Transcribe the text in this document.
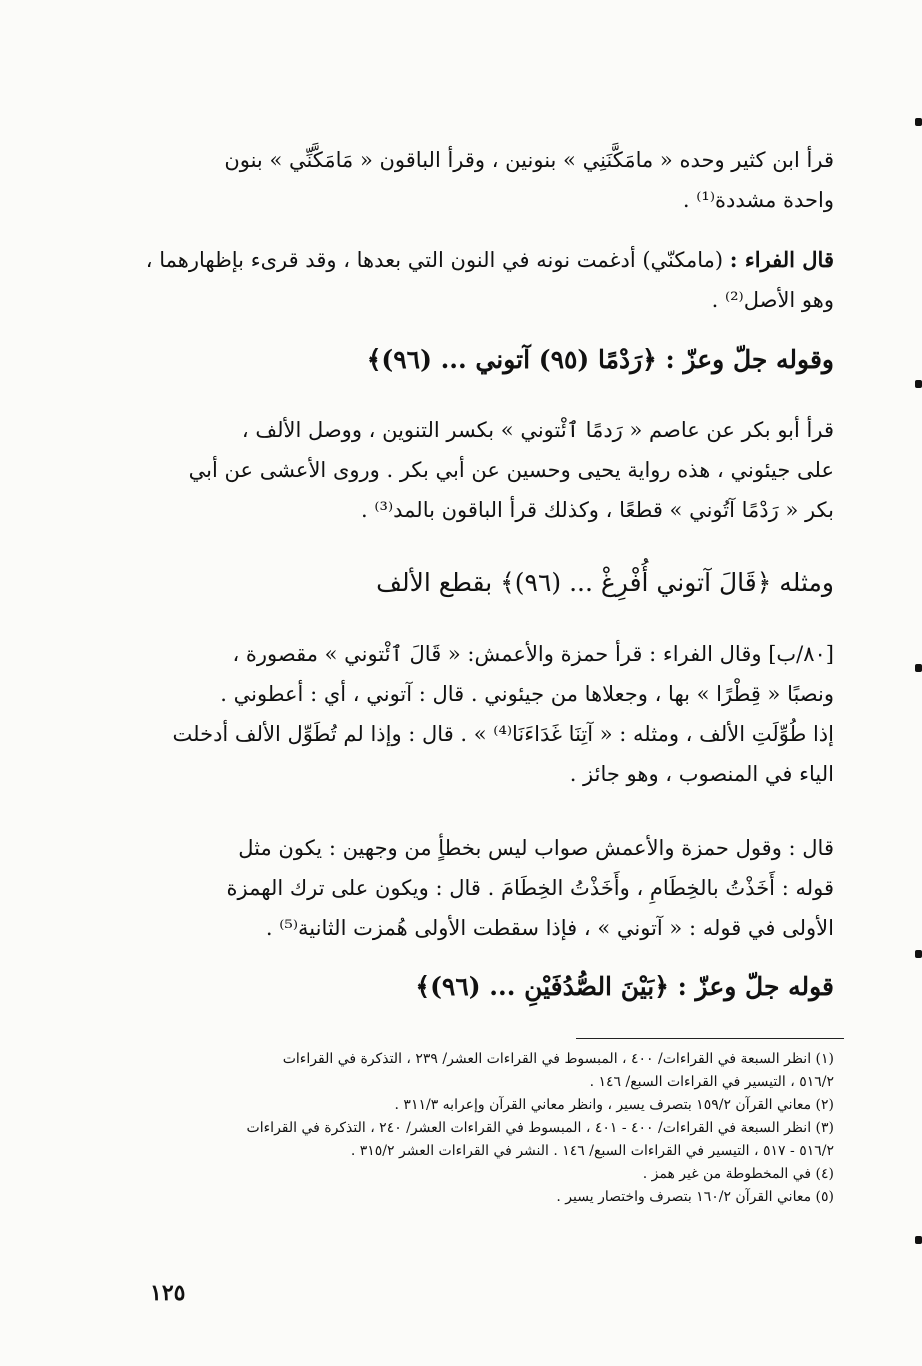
قرأ ابن كثير وحده « مامَكَّنَنِي » بنونين ، وقرأ الباقون « مَامَكَّنِّي » بنون
واحدة مشددة⁽¹⁾ .
قال الفراء : (مامكنّي) أدغمت نونه في النون التي بعدها ، وقد قرىء بإظهارهما ،
وهو الأصل⁽²⁾ .
وقوله جلّ وعزّ : ﴿رَدْمًا (٩٥) آتوني ... (٩٦)﴾
قرأ أبو بكر عن عاصم « رَدمًا ٱئْتوني » بكسر التنوين ، ووصل الألف ،
على جيئوني ، هذه رواية يحيى وحسين عن أبي بكر . وروى الأعشى عن أبي
بكر « رَدْمًا آتُوني » قطعًا ، وكذلك قرأ الباقون بالمد⁽³⁾ .
ومثله ﴿قَالَ آتوني أُفْرِغْ ... (٩٦)﴾ بقطع الألف
[٨٠/ب] وقال الفراء : قرأ حمزة والأعمش: « قَالَ ٱئْتوني » مقصورة ،
ونصبًا « قِطْرًا » بها ، وجعلاها من جيئوني . قال : آتوني ، أي : أعطوني .
إذا طُوِّلَتِ الألف ، ومثله : « آتِنَا غَدَاءَنَا⁽⁴⁾ » . قال : وإذا لم تُطَوِّل الألف أدخلت
الياء في المنصوب ، وهو جائز .
قال : وقول حمزة والأعمش صواب ليس بخطأٍ من وجهين : يكون مثل
قوله : أَخَذْتُ بالخِطَامِ ، وأَخَذْتُ الخِطَامَ . قال : ويكون على ترك الهمزة
الأولى في قوله : « آتوني » ، فإذا سقطت الأولى هُمزت الثانية⁽⁵⁾ .
قوله جلّ وعزّ : ﴿بَيْنَ الصُّدُفَيْنِ ... (٩٦)﴾
(١) انظر السبعة في القراءات/ ٤٠٠ ، المبسوط في القراءات العشر/ ٢٣٩ ، التذكرة في القراءات
٥١٦/٢ ، التيسير في القراءات السبع/ ١٤٦ .
(٢) معاني القرآن ١٥٩/٢ بتصرف يسير ، وانظر معاني القرآن وإعرابه ٣١١/٣ .
(٣) انظر السبعة في القراءات/ ٤٠٠ - ٤٠١ ، المبسوط في القراءات العشر/ ٢٤٠ ، التذكرة في القراءات
٥١٦/٢ - ٥١٧ ، التيسير في القراءات السبع/ ١٤٦ . النشر في القراءات العشر ٣١٥/٢ .
(٤) في المخطوطة من غير همز .
(٥) معاني القرآن ١٦٠/٢ بتصرف واختصار يسير .
١٢٥
